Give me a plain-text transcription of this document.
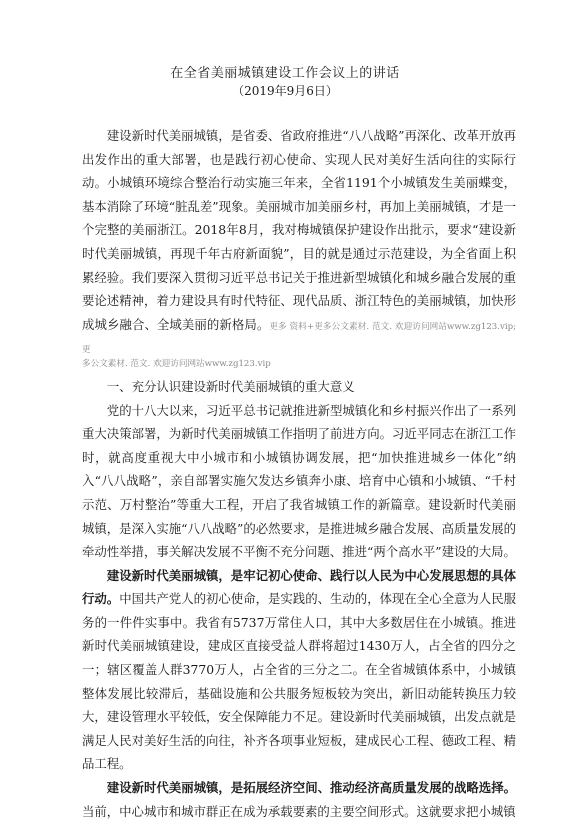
在全省美丽城镇建设工作会议上的讲话
（2019年9月6日）

建设新时代美丽城镇，是省委、省政府推进“八八战略”再深化、改革开放再出发作出的重大部署，也是践行初心使命、实现人民对美好生活向往的实际行动。小城镇环境综合整治行动实施三年来，全省1191个小城镇发生美丽蝶变，基本消除了环境“脏乱差”现象。美丽城市加美丽乡村，再加上美丽城镇，才是一个完整的美丽浙江。2018年8月，我对梅城镇保护建设作出批示，要求“建设新时代美丽城镇，再现千年古府新面貌”，目的就是通过示范建设，为全省面上积累经验。我们要深入贯彻习近平总书记关于推进新型城镇化和城乡融合发展的重要论述精神，着力建设具有时代特征、现代品质、浙江特色的美丽城镇，加快形成城乡融合、全域美丽的新格局。更多 资料+更多公文素材. 范文. 欢迎访问网站www.zg123.vip;更

多公文素材. 范文. 欢迎访问网站www.zg123.vip

一、充分认识建设新时代美丽城镇的重大意义

党的十八大以来，习近平总书记就推进新型城镇化和乡村振兴作出了一系列重大决策部署，为新时代美丽城镇工作指明了前进方向。习近平同志在浙江工作时，就高度重视大中小城市和小城镇协调发展，把“加快推进城乡一体化”纳入“八八战略”，亲自部署实施欠发达乡镇奔小康、培育中心镇和小城镇、“千村示范、万村整治”等重大工程，开启了我省城镇工作的新篇章。建设新时代美丽城镇，是深入实施“八八战略”的必然要求，是推进城乡融合发展、高质量发展的牵动性举措，事关解决发展不平衡不充分问题、推进“两个高水平”建设的大局。

建设新时代美丽城镇，是牢记初心使命、践行以人民为中心发展思想的具体行动。中国共产党人的初心使命，是实践的、生动的，体现在全心全意为人民服务的一件件实事中。我省有5737万常住人口，其中大多数居住在小城镇。推进新时代美丽城镇建设，建成区直接受益人群将超过1430万人，占全省的四分之一；辖区覆盖人群3770万人，占全省的三分之二。在全省城镇体系中，小城镇整体发展比较滞后，基础设施和公共服务短板较为突出，新旧动能转换压力较大，建设管理水平较低，安全保障能力不足。建设新时代美丽城镇，出发点就是满足人民对美好生活的向往，补齐各项事业短板，建成民心工程、德政工程、精品工程。

建设新时代美丽城镇，是拓展经济空间、推动经济高质量发展的战略选择。当前，中心城市和城市群正在成为承载要素的主要空间形式。这就要求把小城镇
